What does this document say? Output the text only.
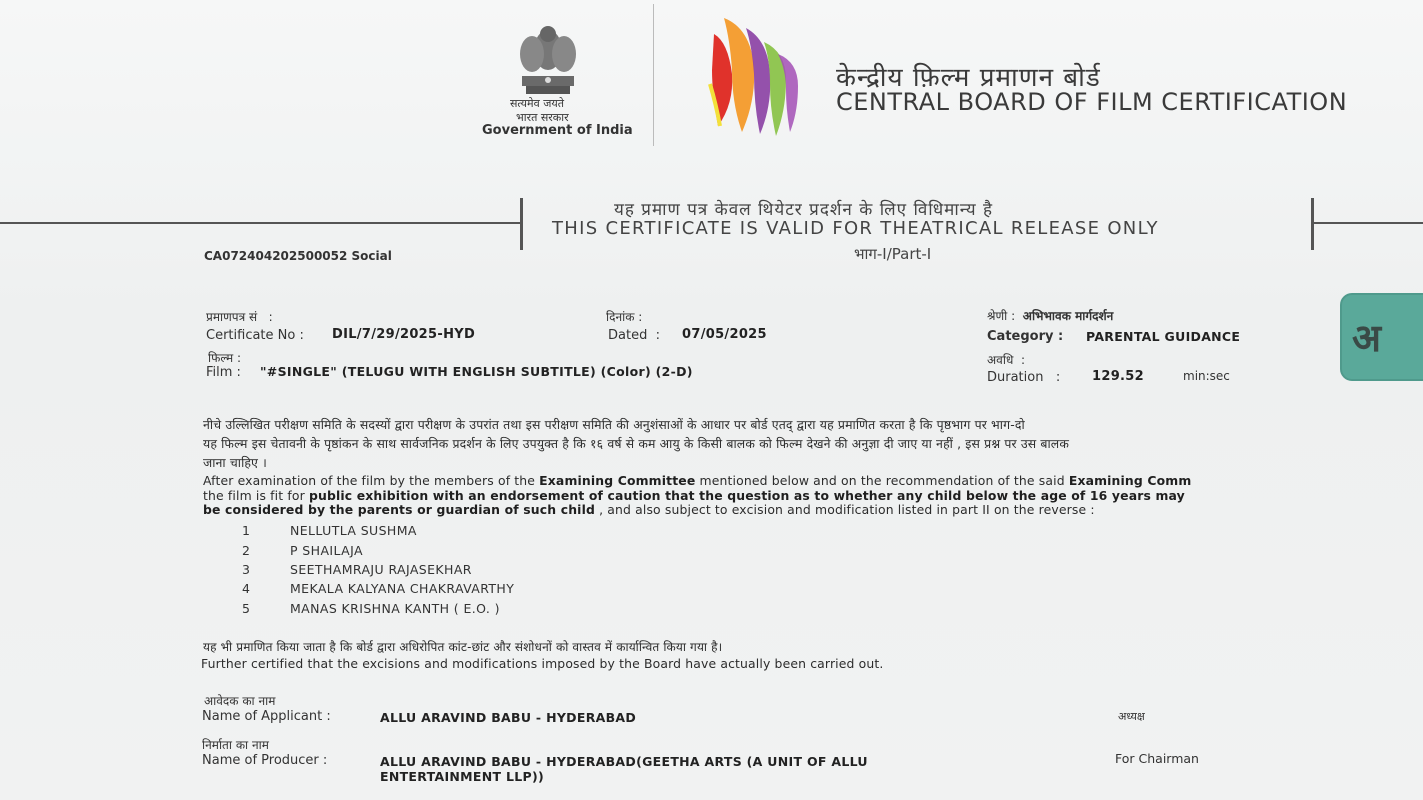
सत्यमेव जयते
भारत सरकार
Government of India
केन्द्रीय फ़िल्म प्रमाणन बोर्ड
CENTRAL BOARD OF FILM CERTIFICATION
यह प्रमाण पत्र केवल थियेटर प्रदर्शन के लिए विधिमान्य है
THIS CERTIFICATE IS VALID FOR THEATRICAL RELEASE ONLY
भाग-I/Part-I
CA072404202500052 Social
प्रमाणपत्र सं   :
Certificate No : DIL/7/29/2025-HYD
दिनांक :
Dated  : 07/05/2025
श्रेणी :  अभिभावक मार्गदर्शन
Category : PARENTAL GUIDANCE
फिल्म :
Film : "#SINGLE" (TELUGU WITH ENGLISH SUBTITLE) (Color) (2-D)
अवधि  :
Duration   : 129.52	min:sec
अ
नीचे उल्लिखित परीक्षण समिति के सदस्यों द्वारा परीक्षण के उपरांत तथा इस परीक्षण समिति की अनुशंसाओं के आधार पर बोर्ड एतद् द्वारा यह प्रमाणित करता है कि पृष्ठभाग पर भाग-दो
यह फिल्म इस चेतावनी के पृष्ठांकन के साथ सार्वजनिक प्रदर्शन के लिए उपयुक्त है कि १६ वर्ष से कम आयु के किसी बालक को फिल्म देखने की अनुज्ञा दी जाए या नहीं , इस प्रश्न पर उस बालक
जाना चाहिए ।
After examination of the film by the members of the Examining Committee mentioned below and on the recommendation of the said Examining Comm
the film is fit for public exhibition with an endorsement of caution that the question as to whether any child below the age of 16 years may
be considered by the parents or guardian of such child , and also subject to excision and modification listed in part II on the reverse :
1	NELLUTLA SUSHMA
2	P SHAILAJA
3	SEETHAMRAJU RAJASEKHAR
4	MEKALA KALYANA CHAKRAVARTHY
5	MANAS KRISHNA KANTH ( E.O. )
यह भी प्रमाणित किया जाता है कि बोर्ड द्वारा अधिरोपित कांट-छांट और संशोधनों को वास्तव में कार्यान्वित किया गया है।
Further certified that the excisions and modifications imposed by the Board have actually been carried out.
आवेदक का नाम
Name of Applicant :	ALLU ARAVIND BABU - HYDERABAD
निर्माता का नाम
Name of Producer :	ALLU ARAVIND BABU - HYDERABAD(GEETHA ARTS (A UNIT OF ALLU
ENTERTAINMENT LLP))
अध्यक्ष
For Chairman
